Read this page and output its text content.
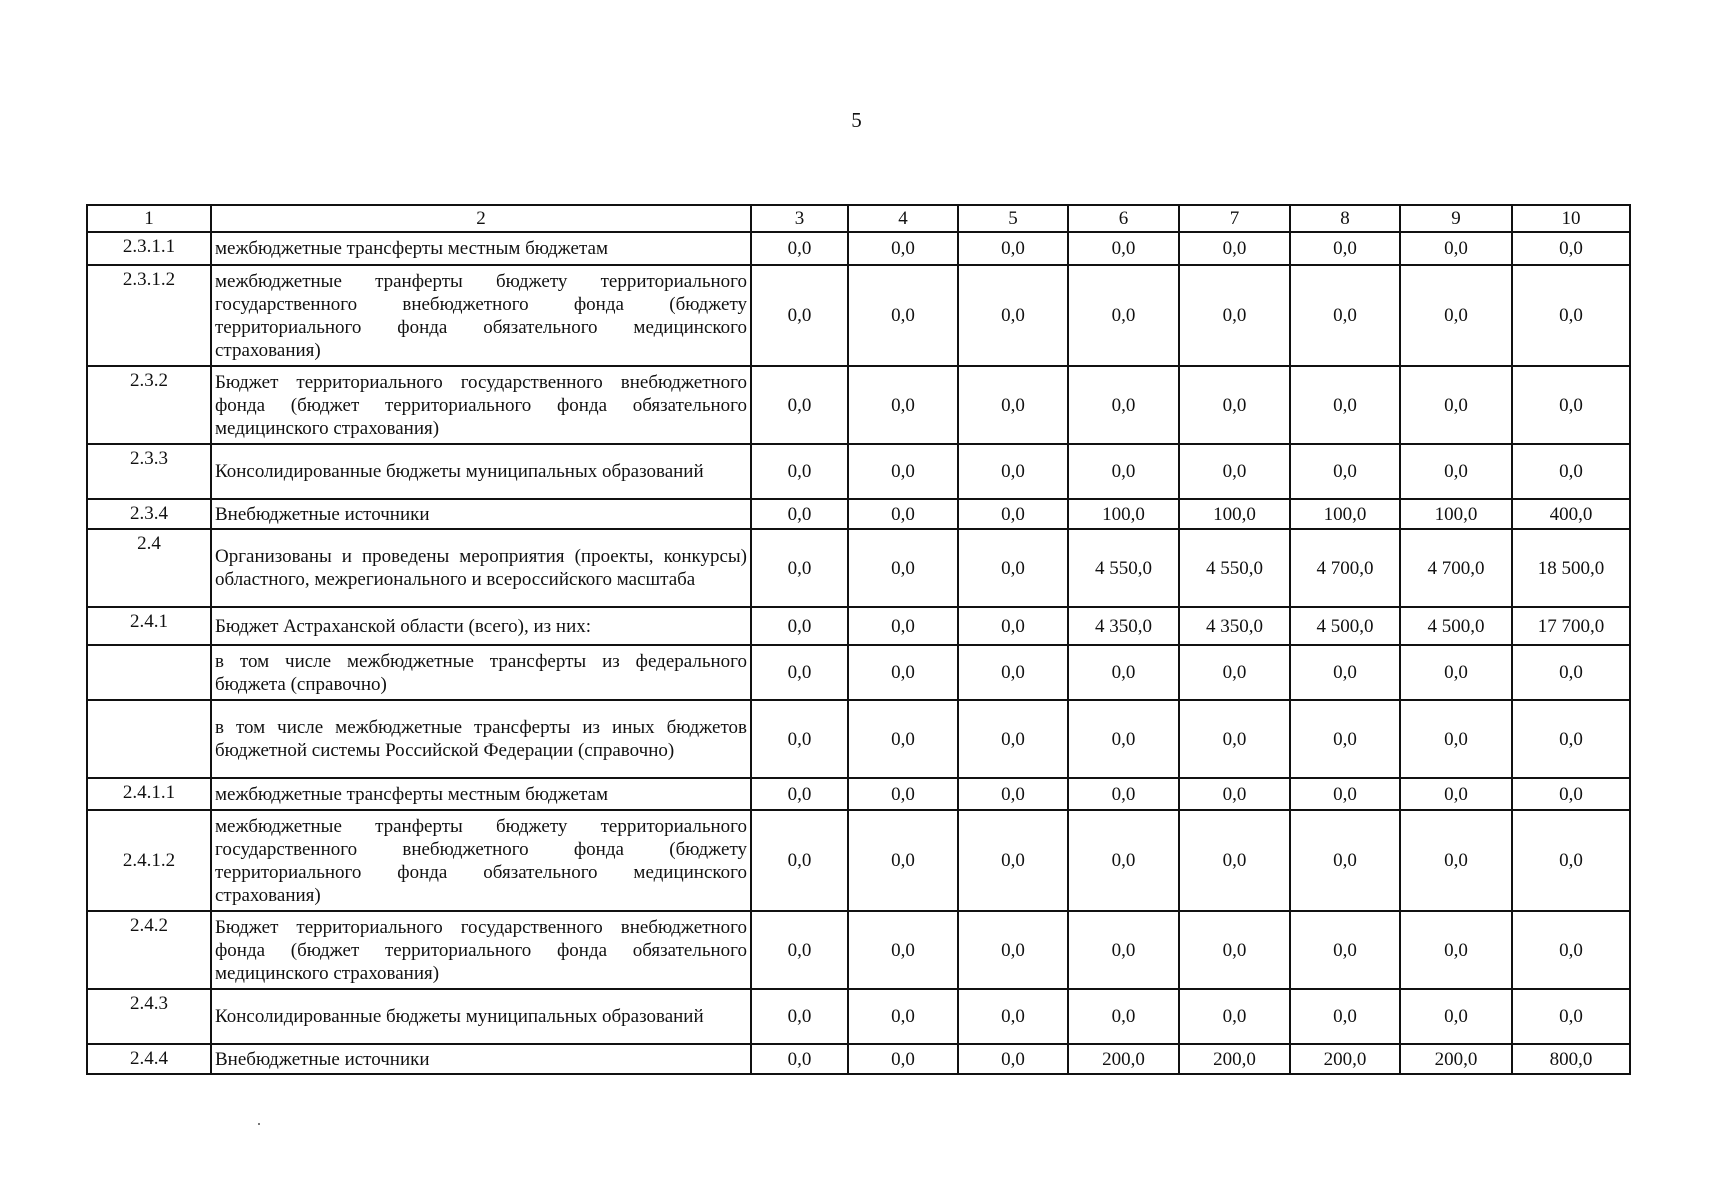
5
1	2	3	4	5	6	7	8	9	10
2.3.1.1	межбюджетные трансферты местным бюджетам	0,0	0,0	0,0	0,0	0,0	0,0	0,0	0,0
2.3.1.2	межбюджетные транферты бюджету территориального государственного внебюджетного фонда (бюджету территориального фонда обязательного медицинского страхования)	0,0	0,0	0,0	0,0	0,0	0,0	0,0	0,0
2.3.2	Бюджет территориального государственного внебюджетного фонда (бюджет территориального фонда обязательного медицинского страхования)	0,0	0,0	0,0	0,0	0,0	0,0	0,0	0,0
2.3.3	Консолидированные бюджеты муниципальных образований	0,0	0,0	0,0	0,0	0,0	0,0	0,0	0,0
2.3.4	Внебюджетные источники	0,0	0,0	0,0	100,0	100,0	100,0	100,0	400,0
2.4	Организованы и проведены мероприятия (проекты, конкурсы) областного, межрегионального и всероссийского масштаба	0,0	0,0	0,0	4 550,0	4 550,0	4 700,0	4 700,0	18 500,0
2.4.1	Бюджет Астраханской области (всего), из них:	0,0	0,0	0,0	4 350,0	4 350,0	4 500,0	4 500,0	17 700,0
	в том числе межбюджетные трансферты из федерального бюджета (справочно)	0,0	0,0	0,0	0,0	0,0	0,0	0,0	0,0
	в том числе межбюджетные трансферты из иных бюджетов бюджетной системы Российской Федерации (справочно)	0,0	0,0	0,0	0,0	0,0	0,0	0,0	0,0
2.4.1.1	межбюджетные трансферты местным бюджетам	0,0	0,0	0,0	0,0	0,0	0,0	0,0	0,0
2.4.1.2	межбюджетные транферты бюджету территориального государственного внебюджетного фонда (бюджету территориального фонда обязательного медицинского страхования)	0,0	0,0	0,0	0,0	0,0	0,0	0,0	0,0
2.4.2	Бюджет территориального государственного внебюджетного фонда (бюджет территориального фонда обязательного медицинского страхования)	0,0	0,0	0,0	0,0	0,0	0,0	0,0	0,0
2.4.3	Консолидированные бюджеты муниципальных образований	0,0	0,0	0,0	0,0	0,0	0,0	0,0	0,0
2.4.4	Внебюджетные источники	0,0	0,0	0,0	200,0	200,0	200,0	200,0	800,0
